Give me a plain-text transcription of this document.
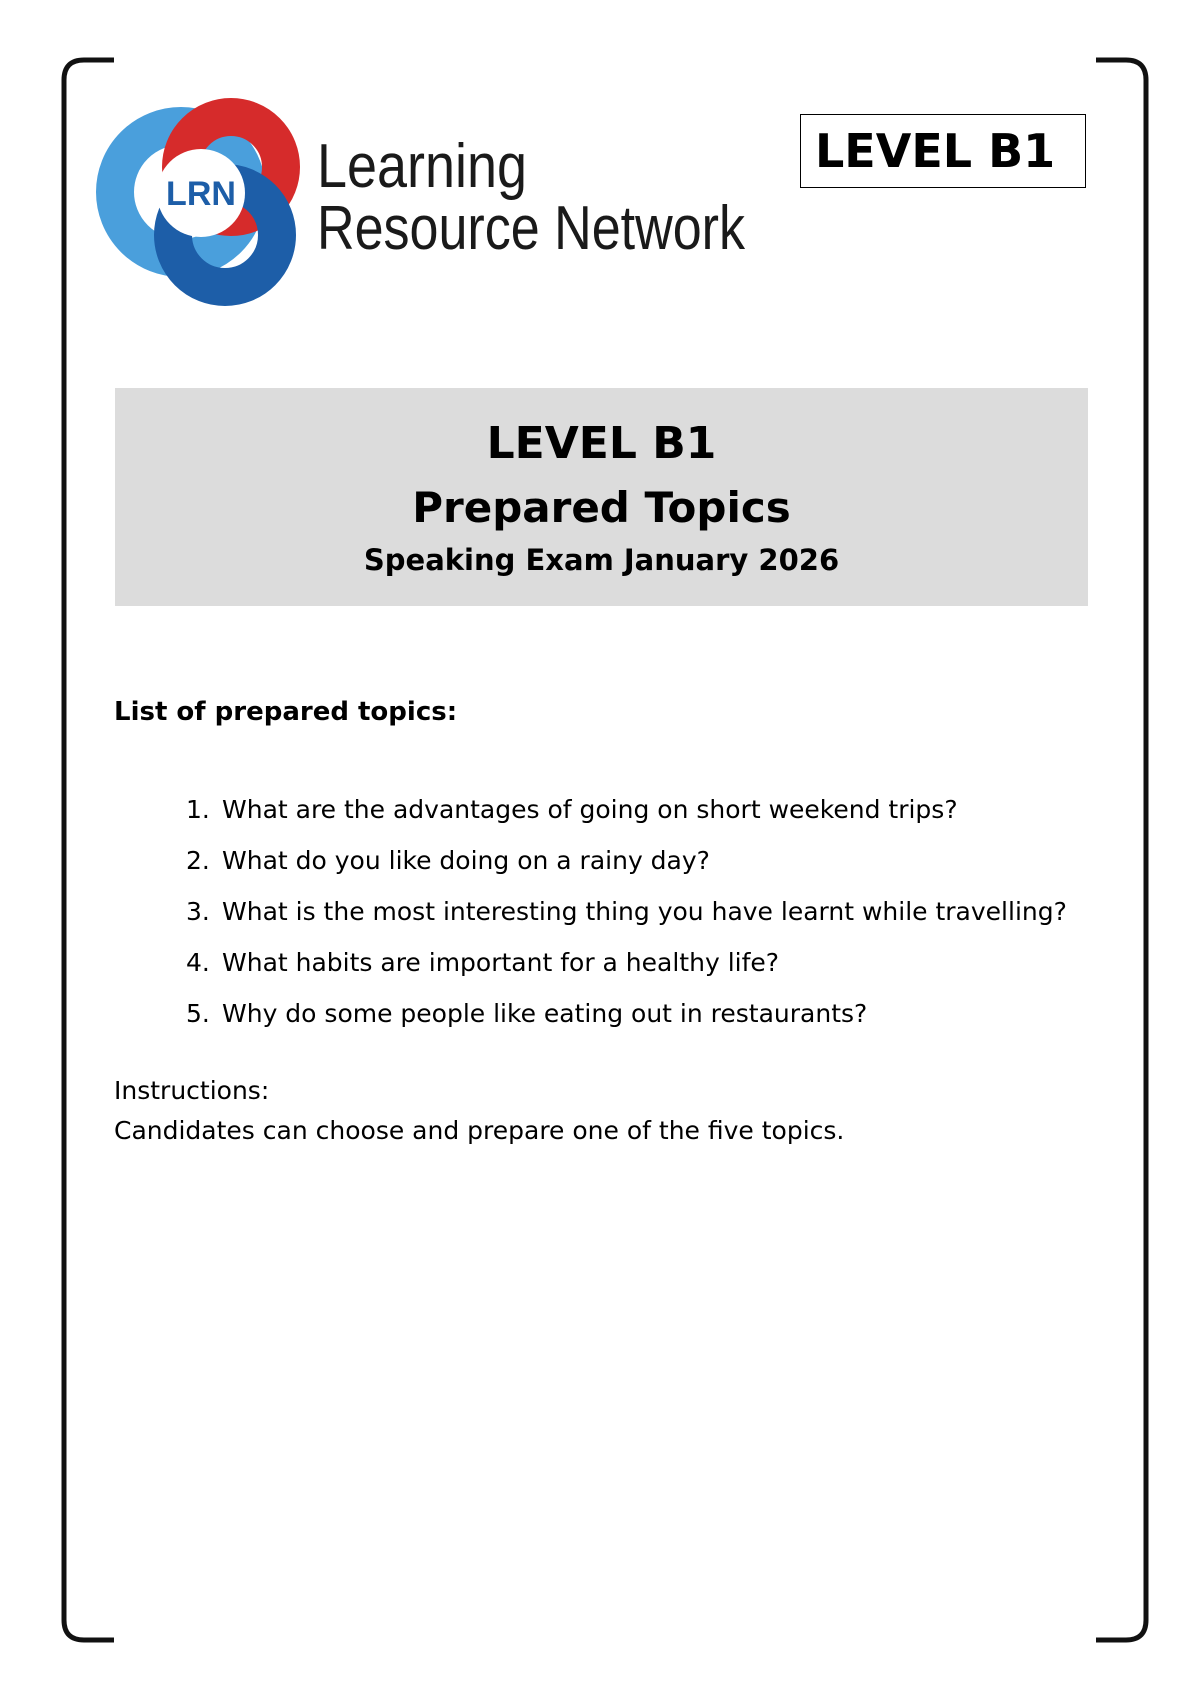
LRN Learning
Resource Network
LEVEL B1
LEVEL B1
Prepared Topics
Speaking Exam January 2026
List of prepared topics:
1. What are the advantages of going on short weekend trips?
2. What do you like doing on a rainy day?
3. What is the most interesting thing you have learnt while travelling?
4. What habits are important for a healthy life?
5. Why do some people like eating out in restaurants?
Instructions:
Candidates can choose and prepare one of the five topics.
